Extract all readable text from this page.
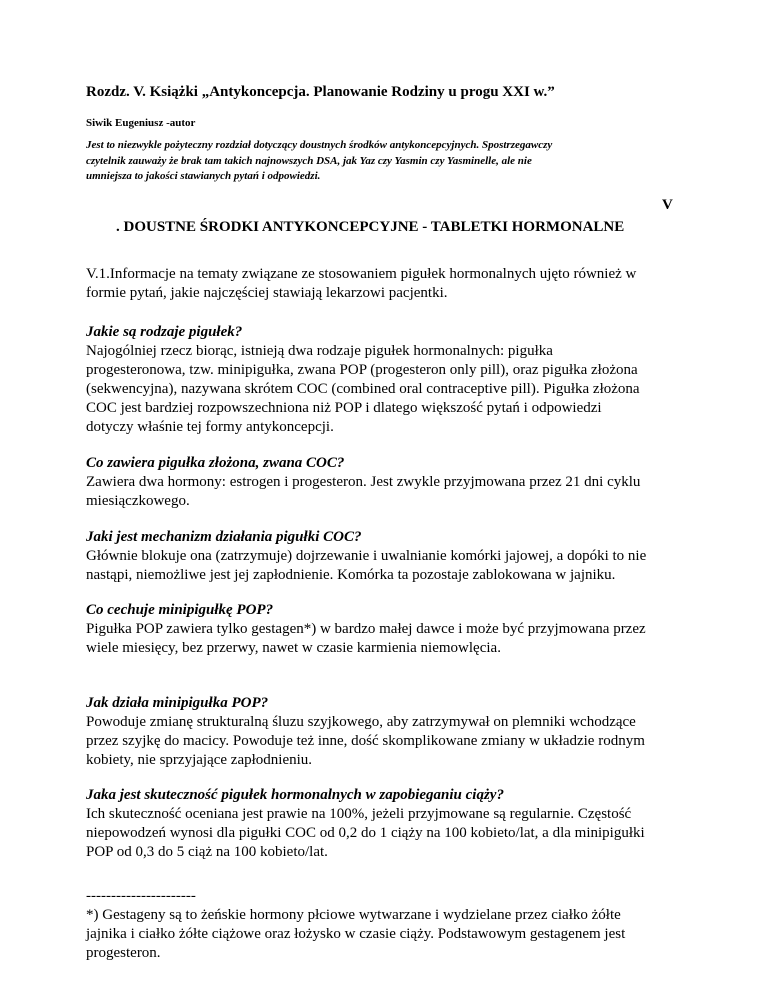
Rozdz. V. Książki „Antykoncepcja. Planowanie Rodziny u progu XXI w.”
Siwik Eugeniusz -autor
Jest to niezwykle pożyteczny rozdział dotyczący doustnych środków antykoncepcyjnych. Spostrzegawczy
czytelnik zauważy że brak tam takich najnowszych DSA, jak Yaz czy Yasmin czy Yasminelle, ale nie
umniejsza to jakości stawianych pytań i odpowiedzi.
V
. DOUSTNE ŚRODKI ANTYKONCEPCYJNE - TABLETKI HORMONALNE
V.1.Informacje na tematy związane ze stosowaniem pigułek hormonalnych ujęto również w
formie pytań, jakie najczęściej stawiają lekarzowi pacjentki.
Jakie są rodzaje pigułek?
Najogólniej rzecz biorąc, istnieją dwa rodzaje pigułek hormonalnych: pigułka
progesteronowa, tzw. minipigułka, zwana POP (progesteron only pill), oraz pigułka złożona
(sekwencyjna), nazywana skrótem COC (combined oral contraceptive pill). Pigułka złożona
COC jest bardziej rozpowszechniona niż POP i dlatego większość pytań i odpowiedzi
dotyczy właśnie tej formy antykoncepcji.
Co zawiera pigułka złożona, zwana COC?
Zawiera dwa hormony: estrogen i progesteron. Jest zwykle przyjmowana przez 21 dni cyklu
miesiączkowego.
Jaki jest mechanizm działania pigułki COC?
Głównie blokuje ona (zatrzymuje) dojrzewanie i uwalnianie komórki jajowej, a dopóki to nie
nastąpi, niemożliwe jest jej zapłodnienie. Komórka ta pozostaje zablokowana w jajniku.
Co cechuje minipigułkę POP?
Pigułka POP zawiera tylko gestagen*) w bardzo małej dawce i może być przyjmowana przez
wiele miesięcy, bez przerwy, nawet w czasie karmienia niemowlęcia.
Jak działa minipigułka POP?
Powoduje zmianę strukturalną śluzu szyjkowego, aby zatrzymywał on plemniki wchodzące
przez szyjkę do macicy. Powoduje też inne, dość skomplikowane zmiany w układzie rodnym
kobiety, nie sprzyjające zapłodnieniu.
Jaka jest skuteczność pigułek hormonalnych w zapobieganiu ciąży?
Ich skuteczność oceniana jest prawie na 100%, jeżeli przyjmowane są regularnie. Częstość
niepowodzeń wynosi dla pigułki COC od 0,2 do 1 ciąży na 100 kobieto/lat, a dla minipigułki
POP od 0,3 do 5 ciąż na 100 kobieto/lat.
----------------------
*) Gestageny są to żeńskie hormony płciowe wytwarzane i wydzielane przez ciałko żółte
jajnika i ciałko żółte ciążowe oraz łożysko w czasie ciąży. Podstawowym gestagenem jest
progesteron.
